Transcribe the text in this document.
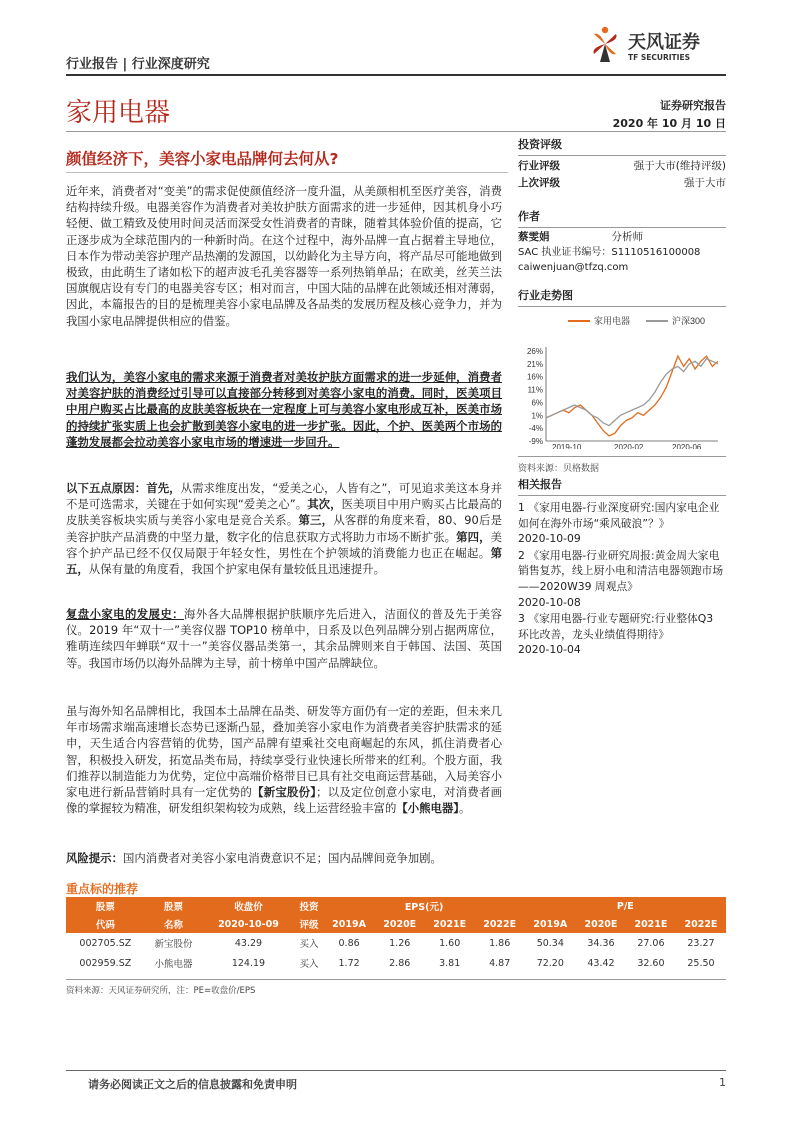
行业报告 | 行业深度研究
天风证券
TF SECURITIES
家用电器	证券研究报告
2020 年 10 月 10 日
颜值经济下，美容小家电品牌何去何从?

近年来，消费者对“变美”的需求促使颜值经济一度升温，从美颜相机至医疗美容，消费结构持续升级。电器美容作为消费者对美妆护肤方面需求的进一步延伸，因其机身小巧轻便、做工精致及使用时间灵活而深受女性消费者的青睐，随着其体验价值的提高，它正逐步成为全球范围内的一种新时尚。在这个过程中，海外品牌一直占据着主导地位，日本作为带动美容护理产品热潮的发源国，以幼龄化为主导方向，将产品尽可能地做到极致，由此萌生了诸如松下的超声波毛孔美容器等一系列热销单品；在欧美，丝芙兰法国旗舰店设有专门的电器美容专区；相对而言，中国大陆的品牌在此领域还相对薄弱，因此，本篇报告的目的是梳理美容小家电品牌及各品类的发展历程及核心竞争力，并为我国小家电品牌提供相应的借鉴。

我们认为，美容小家电的需求来源于消费者对美妆护肤方面需求的进一步延伸，消费者对美容护肤的消费经过引导可以直接部分转移到对美容小家电的消费。同时，医美项目中用户购买占比最高的皮肤美容板块在一定程度上可与美容小家电形成互补，医美市场的持续扩张实质上也会扩散到美容小家电的进一步扩张。因此，个护、医美两个市场的蓬勃发展都会拉动美容小家电市场的增速进一步回升。

以下五点原因：首先，从需求维度出发，“爱美之心，人皆有之”，可见追求美这本身并不是可选需求，关键在于如何实现“爱美之心”。其次，医美项目中用户购买占比最高的皮肤美容板块实质与美容小家电是竞合关系。第三，从客群的角度来看，80、90后是美容护肤产品消费的中坚力量，数字化的信息获取方式将助力市场不断扩张。第四，美容个护产品已经不仅仅局限于年轻女性，男性在个护领域的消费能力也正在崛起。第五，从保有量的角度看，我国个护家电保有量较低且迅速提升。

复盘小家电的发展史：海外各大品牌根据护肤顺序先后进入，洁面仪的普及先于美容仪。2019 年“双十一”美容仪器 TOP10 榜单中，日系及以色列品牌分别占据两席位，雅萌连续四年蝉联“双十一”美容仪器品类第一，其余品牌则来自于韩国、法国、英国等。我国市场仍以海外品牌为主导，前十榜单中国产品牌缺位。

虽与海外知名品牌相比，我国本土品牌在品类、研发等方面仍有一定的差距，但未来几年市场需求端高速增长态势已逐渐凸显，叠加美容小家电作为消费者美容护肤需求的延申，天生适合内容营销的优势，国产品牌有望乘社交电商崛起的东风，抓住消费者心智，积极投入研发，拓宽品类布局，持续享受行业快速长所带来的红利。个股方面，我们推荐以制造能力为优势，定位中高端价格带目已具有社交电商运营基础，入局美容小家电进行新品营销时具有一定优势的【新宝股份】；以及定位创意小家电，对消费者画像的掌握较为精准，研发组织架构较为成熟，线上运营经验丰富的【小熊电器】。

风险提示：国内消费者对美容小家电消费意识不足；国内品牌间竞争加剧。

投资评级
行业评级	强于大市(维持评级)
上次评级	强于大市
作者
蔡雯娟	分析师
SAC 执业证书编号：S1110516100008
caiwenjuan@tfzq.com
行业走势图
家用电器	沪深300
26%
21%
16%
11%
6%
1%
-4%
-9%
2019-10	2020-02	2020-06
资料来源：贝格数据
相关报告
1 《家用电器-行业深度研究:国内家电企业如何在海外市场“乘风破浪”？》
2020-10-09
2 《家用电器-行业研究周报:黄金周大家电销售复苏，线上厨小电和清洁电器领跑市场——2020W39 周观点》
2020-10-08
3 《家用电器-行业专题研究:行业整体Q3 环比改善，龙头业绩值得期待》
2020-10-04
重点标的推荐
股票	股票	收盘价	投资	EPS(元)				P/E			
代码	名称	2020-10-09	评级	2019A	2020E	2021E	2022E	2019A	2020E	2021E	2022E
002705.SZ	新宝股份	43.29	买入	0.86	1.26	1.60	1.86	50.34	34.36	27.06	23.27
002959.SZ	小熊电器	124.19	买入	1.72	2.86	3.81	4.87	72.20	43.42	32.60	25.50
资料来源：天风证券研究所，注：PE=收盘价/EPS
请务必阅读正文之后的信息披露和免责申明	1
